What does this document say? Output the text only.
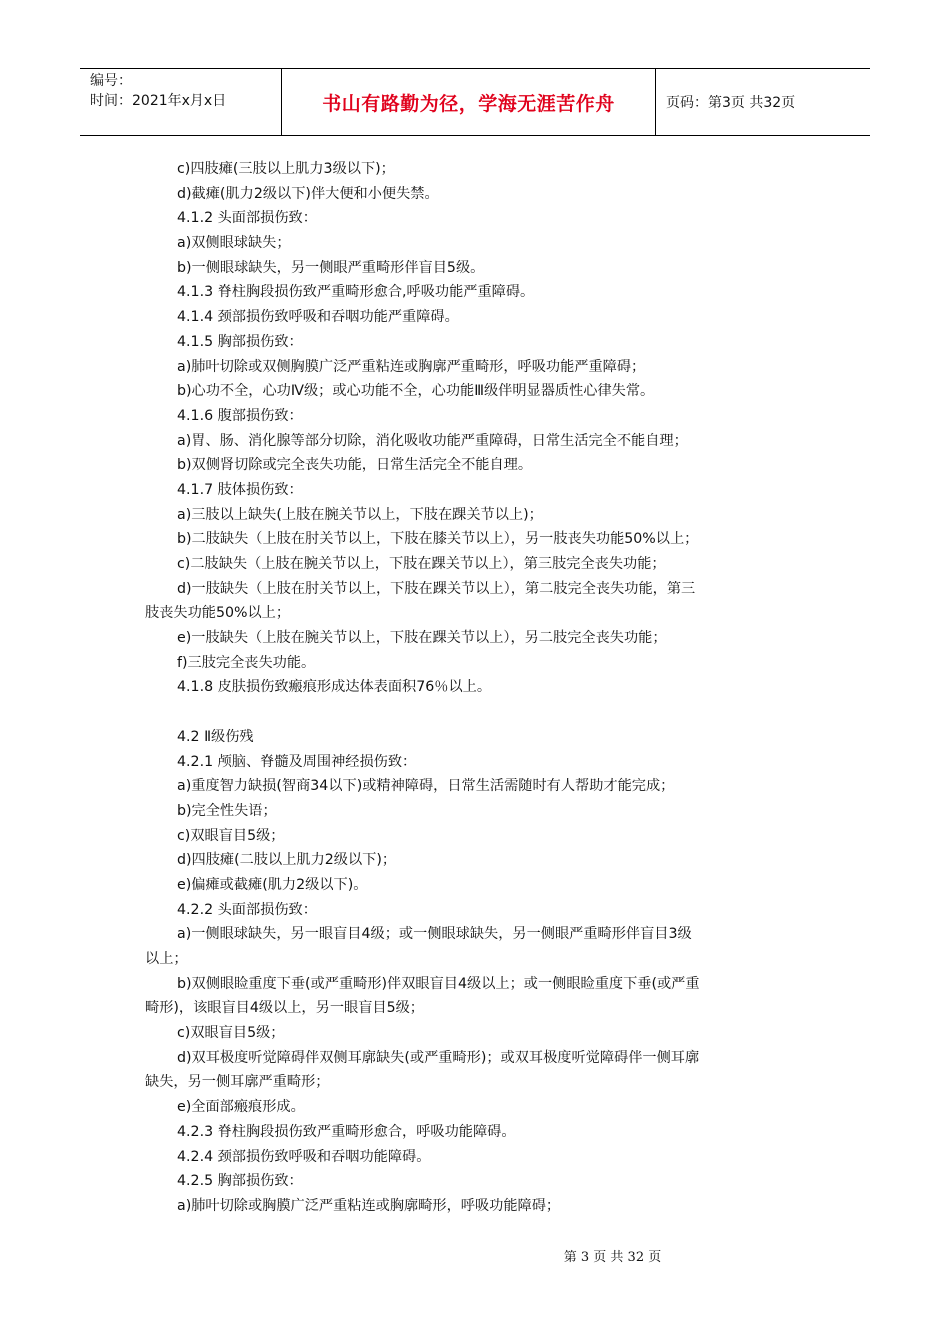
编号：
时间：2021年x月x日	书山有路勤为径，学海无涯苦作舟	页码：第3页 共32页
c)四肢瘫(三肢以上肌力3级以下)；
d)截瘫(肌力2级以下)伴大便和小便失禁。
4.1.2 头面部损伤致：
a)双侧眼球缺失；
b)一侧眼球缺失，另一侧眼严重畸形伴盲目5级。
4.1.3 脊柱胸段损伤致严重畸形愈合,呼吸功能严重障碍。
4.1.4 颈部损伤致呼吸和吞咽功能严重障碍。
4.1.5 胸部损伤致：
a)肺叶切除或双侧胸膜广泛严重粘连或胸廓严重畸形，呼吸功能严重障碍；
b)心功不全，心功Ⅳ级；或心功能不全，心功能Ⅲ级伴明显器质性心律失常。
4.1.6 腹部损伤致：
a)胃、肠、消化腺等部分切除，消化吸收功能严重障碍，日常生活完全不能自理；
b)双侧肾切除或完全丧失功能，日常生活完全不能自理。
4.1.7 肢体损伤致：
a)三肢以上缺失(上肢在腕关节以上，下肢在踝关节以上)；
b)二肢缺失（上肢在肘关节以上，下肢在膝关节以上），另一肢丧失功能50%以上；
c)二肢缺失（上肢在腕关节以上，下肢在踝关节以上），第三肢完全丧失功能；
d)一肢缺失（上肢在肘关节以上，下肢在踝关节以上），第二肢完全丧失功能，第三
肢丧失功能50%以上；
e)一肢缺失（上肢在腕关节以上，下肢在踝关节以上），另二肢完全丧失功能；
f)三肢完全丧失功能。
4.1.8 皮肤损伤致瘢痕形成达体表面积76％以上。
4.2 Ⅱ级伤残
4.2.1 颅脑、脊髓及周围神经损伤致：
a)重度智力缺损(智商34以下)或精神障碍，日常生活需随时有人帮助才能完成；
b)完全性失语；
c)双眼盲目5级；
d)四肢瘫(二肢以上肌力2级以下)；
e)偏瘫或截瘫(肌力2级以下)。
4.2.2 头面部损伤致：
a)一侧眼球缺失，另一眼盲目4级；或一侧眼球缺失，另一侧眼严重畸形伴盲目3级
以上；
b)双侧眼睑重度下垂(或严重畸形)伴双眼盲目4级以上；或一侧眼睑重度下垂(或严重
畸形)，该眼盲目4级以上，另一眼盲目5级；
c)双眼盲目5级；
d)双耳极度听觉障碍伴双侧耳廓缺失(或严重畸形)；或双耳极度听觉障碍伴一侧耳廓
缺失，另一侧耳廓严重畸形；
e)全面部瘢痕形成。
4.2.3 脊柱胸段损伤致严重畸形愈合，呼吸功能障碍。
4.2.4 颈部损伤致呼吸和吞咽功能障碍。
4.2.5 胸部损伤致：
a)肺叶切除或胸膜广泛严重粘连或胸廓畸形，呼吸功能障碍；
第 3 页 共 32 页
